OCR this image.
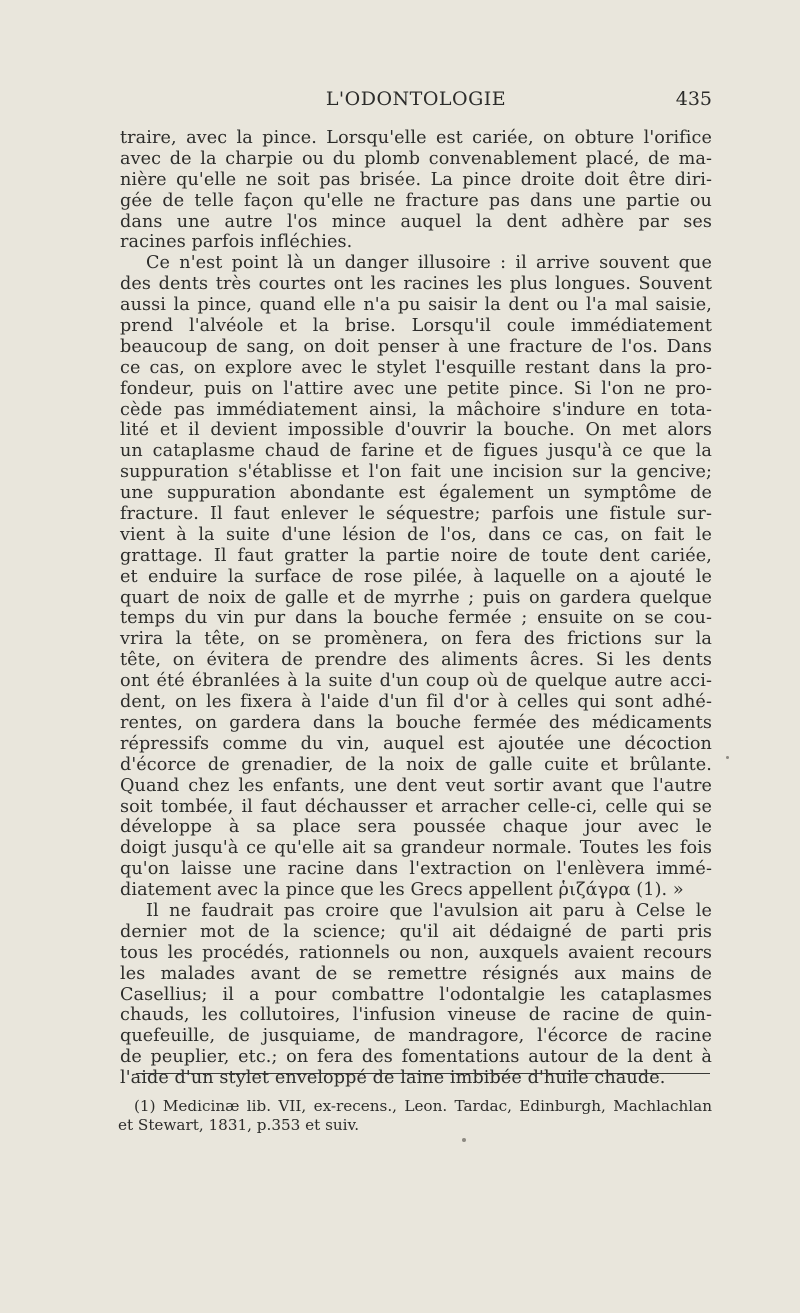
L'ODONTOLOGIE	435
traire, avec la pince. Lorsqu'elle est cariée, on obture l'orifice
avec de la charpie ou du plomb convenablement placé, de ma-
nière qu'elle ne soit pas brisée. La pince droite doit être diri-
gée de telle façon qu'elle ne fracture pas dans une partie ou
dans une autre l'os mince auquel la dent adhère par ses
racines parfois infléchies.
Ce n'est point là un danger illusoire : il arrive souvent que
des dents très courtes ont les racines les plus longues. Souvent
aussi la pince, quand elle n'a pu saisir la dent ou l'a mal saisie,
prend l'alvéole et la brise. Lorsqu'il coule immédiatement
beaucoup de sang, on doit penser à une fracture de l'os. Dans
ce cas, on explore avec le stylet l'esquille restant dans la pro-
fondeur, puis on l'attire avec une petite pince. Si l'on ne pro-
cède pas immédiatement ainsi, la mâchoire s'indure en tota-
lité et il devient impossible d'ouvrir la bouche. On met alors
un cataplasme chaud de farine et de figues jusqu'à ce que la
suppuration s'établisse et l'on fait une incision sur la gencive;
une suppuration abondante est également un symptôme de
fracture. Il faut enlever le séquestre; parfois une fistule sur-
vient à la suite d'une lésion de l'os, dans ce cas, on fait le
grattage. Il faut gratter la partie noire de toute dent cariée,
et enduire la surface de rose pilée, à laquelle on a ajouté le
quart de noix de galle et de myrrhe ; puis on gardera quelque
temps du vin pur dans la bouche fermée ; ensuite on se cou-
vrira la tête, on se promènera, on fera des frictions sur la
tête, on évitera de prendre des aliments âcres. Si les dents
ont été ébranlées à la suite d'un coup où de quelque autre acci-
dent, on les fixera à l'aide d'un fil d'or à celles qui sont adhé-
rentes, on gardera dans la bouche fermée des médicaments
répressifs comme du vin, auquel est ajoutée une décoction
d'écorce de grenadier, de la noix de galle cuite et brûlante.
Quand chez les enfants, une dent veut sortir avant que l'autre
soit tombée, il faut déchausser et arracher celle-ci, celle qui se
développe à sa place sera poussée chaque jour avec le
doigt jusqu'à ce qu'elle ait sa grandeur normale. Toutes les fois
qu'on laisse une racine dans l'extraction on l'enlèvera immé-
diatement avec la pince que les Grecs appellent ῥιζάγρα (1). »
Il ne faudrait pas croire que l'avulsion ait paru à Celse le
dernier mot de la science; qu'il ait dédaigné de parti pris
tous les procédés, rationnels ou non, auxquels avaient recours
les malades avant de se remettre résignés aux mains de
Casellius; il a pour combattre l'odontalgie les cataplasmes
chauds, les collutoires, l'infusion vineuse de racine de quin-
quefeuille, de jusquiame, de mandragore, l'écorce de racine
de peuplier, etc.; on fera des fomentations autour de la dent à
l'aide d'un stylet enveloppé de laine imbibée d'huile chaude.
(1) Medicinæ lib. VII, ex-recens., Leon. Tardac, Edinburgh, Machlachlan
et Stewart, 1831, p.353 et suiv.
